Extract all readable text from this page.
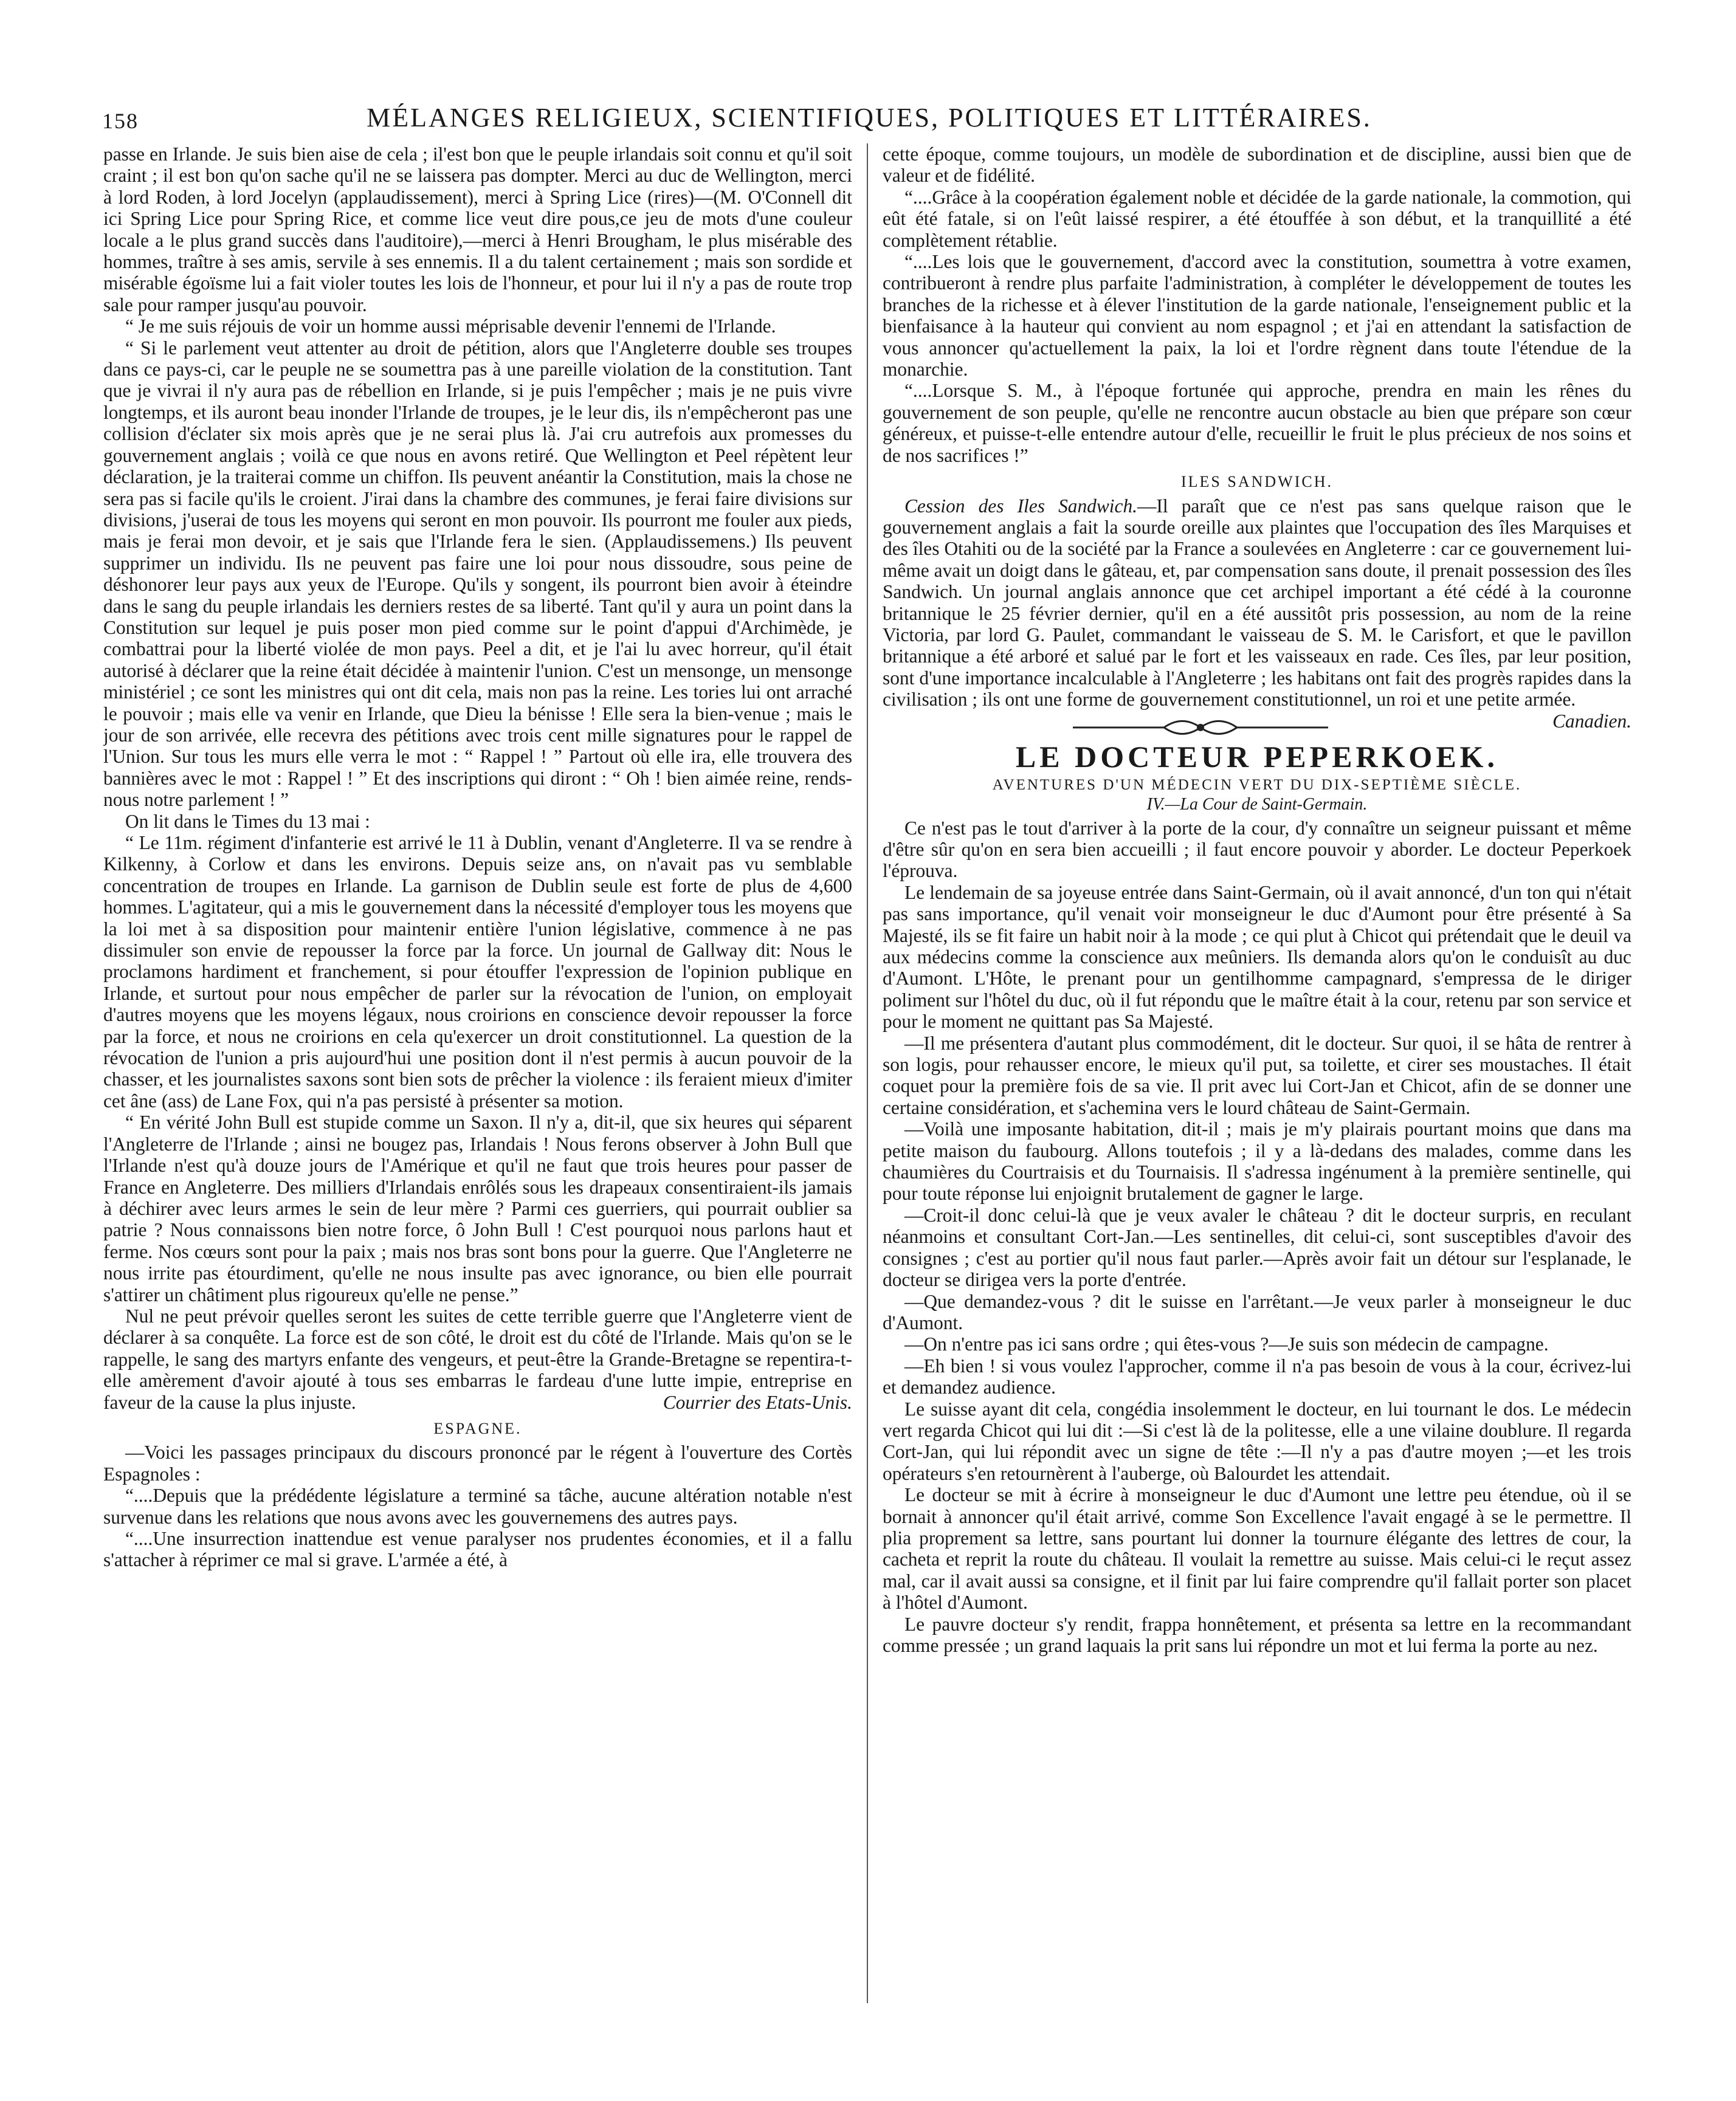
158	MÉLANGES RELIGIEUX, SCIENTIFIQUES, POLITIQUES ET LITTÉRAIRES.

passe en Irlande. Je suis bien aise de cela ; il'est bon que le peuple irlandais soit connu et qu'il soit craint ; il est bon qu'on sache qu'il ne se laissera pas dompter. Merci au duc de Wellington, merci à lord Roden, à lord Jocelyn (applaudissement), merci à Spring Lice (rires)—(M. O'Connell dit ici Spring Lice pour Spring Rice, et comme lice veut dire pous,ce jeu de mots d'une couleur locale a le plus grand succès dans l'auditoire),—merci à Henri Brougham, le plus misérable des hommes, traître à ses amis, servile à ses ennemis. Il a du talent certainement ; mais son sordide et misérable égoïsme lui a fait violer toutes les lois de l'honneur, et pour lui il n'y a pas de route trop sale pour ramper jusqu'au pouvoir.

“ Je me suis réjouis de voir un homme aussi méprisable devenir l'ennemi de l'Irlande.

“ Si le parlement veut attenter au droit de pétition, alors que l'Angleterre double ses troupes dans ce pays-ci, car le peuple ne se soumettra pas à une pareille violation de la constitution. Tant que je vivrai il n'y aura pas de rébellion en Irlande, si je puis l'empêcher ; mais je ne puis vivre longtemps, et ils auront beau inonder l'Irlande de troupes, je le leur dis, ils n'empêcheront pas une collision d'éclater six mois après que je ne serai plus là. J'ai cru autrefois aux promesses du gouvernement anglais ; voilà ce que nous en avons retiré. Que Wellington et Peel répètent leur déclaration, je la traiterai comme un chiffon. Ils peuvent anéantir la Constitution, mais la chose ne sera pas si facile qu'ils le croient. J'irai dans la chambre des communes, je ferai faire divisions sur divisions, j'userai de tous les moyens qui seront en mon pouvoir. Ils pourront me fouler aux pieds, mais je ferai mon devoir, et je sais que l'Irlande fera le sien. (Applaudissemens.) Ils peuvent supprimer un individu. Ils ne peuvent pas faire une loi pour nous dissoudre, sous peine de déshonorer leur pays aux yeux de l'Europe. Qu'ils y songent, ils pourront bien avoir à éteindre dans le sang du peuple irlandais les derniers restes de sa liberté. Tant qu'il y aura un point dans la Constitution sur lequel je puis poser mon pied comme sur le point d'appui d'Archimède, je combattrai pour la liberté violée de mon pays. Peel a dit, et je l'ai lu avec horreur, qu'il était autorisé à déclarer que la reine était décidée à maintenir l'union. C'est un mensonge, un mensonge ministériel ; ce sont les ministres qui ont dit cela, mais non pas la reine. Les tories lui ont arraché le pouvoir ; mais elle va venir en Irlande, que Dieu la bénisse ! Elle sera la bien-venue ; mais le jour de son arrivée, elle recevra des pétitions avec trois cent mille signatures pour le rappel de l'Union. Sur tous les murs elle verra le mot : “ Rappel ! ” Partout où elle ira, elle trouvera des bannières avec le mot : Rappel ! ” Et des inscriptions qui diront : “ Oh ! bien aimée reine, rends-nous notre parlement ! ”

On lit dans le Times du 13 mai :

“ Le 11m. régiment d'infanterie est arrivé le 11 à Dublin, venant d'Angleterre. Il va se rendre à Kilkenny, à Corlow et dans les environs. Depuis seize ans, on n'avait pas vu semblable concentration de troupes en Irlande. La garnison de Dublin seule est forte de plus de 4,600 hommes. L'agitateur, qui a mis le gouvernement dans la nécessité d'employer tous les moyens que la loi met à sa disposition pour maintenir entière l'union législative, commence à ne pas dissimuler son envie de repousser la force par la force. Un journal de Gallway dit: Nous le proclamons hardiment et franchement, si pour étouffer l'expression de l'opinion publique en Irlande, et surtout pour nous empêcher de parler sur la révocation de l'union, on employait d'autres moyens que les moyens légaux, nous croirions en conscience devoir repousser la force par la force, et nous ne croirions en cela qu'exercer un droit constitutionnel. La question de la révocation de l'union a pris aujourd'hui une position dont il n'est permis à aucun pouvoir de la chasser, et les journalistes saxons sont bien sots de prêcher la violence : ils feraient mieux d'imiter cet âne (ass) de Lane Fox, qui n'a pas persisté à présenter sa motion.

“ En vérité John Bull est stupide comme un Saxon. Il n'y a, dit-il, que six heures qui séparent l'Angleterre de l'Irlande ; ainsi ne bougez pas, Irlandais ! Nous ferons observer à John Bull que l'Irlande n'est qu'à douze jours de l'Amérique et qu'il ne faut que trois heures pour passer de France en Angleterre. Des milliers d'Irlandais enrôlés sous les drapeaux consentiraient-ils jamais à déchirer avec leurs armes le sein de leur mère ? Parmi ces guerriers, qui pourrait oublier sa patrie ? Nous connaissons bien notre force, ô John Bull ! C'est pourquoi nous parlons haut et ferme. Nos cœurs sont pour la paix ; mais nos bras sont bons pour la guerre. Que l'Angleterre ne nous irrite pas étourdiment, qu'elle ne nous insulte pas avec ignorance, ou bien elle pourrait s'attirer un châtiment plus rigoureux qu'elle ne pense.”

Nul ne peut prévoir quelles seront les suites de cette terrible guerre que l'Angleterre vient de déclarer à sa conquête. La force est de son côté, le droit est du côté de l'Irlande. Mais qu'on se le rappelle, le sang des martyrs enfante des vengeurs, et peut-être la Grande-Bretagne se repentira-t-elle amèrement d'avoir ajouté à tous ses embarras le fardeau d'une lutte impie, entreprise en faveur de la cause la plus injuste.	Courrier des Etats-Unis.

ESPAGNE.

—Voici les passages principaux du discours prononcé par le régent à l'ouverture des Cortès Espagnoles :

“....Depuis que la prédédente législature a terminé sa tâche, aucune altération notable n'est survenue dans les relations que nous avons avec les gouvernemens des autres pays.

“....Une insurrection inattendue est venue paralyser nos prudentes économies, et il a fallu s'attacher à réprimer ce mal si grave. L'armée a été, à

cette époque, comme toujours, un modèle de subordination et de discipline, aussi bien que de valeur et de fidélité.

“....Grâce à la coopération également noble et décidée de la garde nationale, la commotion, qui eût été fatale, si on l'eût laissé respirer, a été étouffée à son début, et la tranquillité a été complètement rétablie.

“....Les lois que le gouvernement, d'accord avec la constitution, soumettra à votre examen, contribueront à rendre plus parfaite l'administration, à compléter le développement de toutes les branches de la richesse et à élever l'institution de la garde nationale, l'enseignement public et la bienfaisance à la hauteur qui convient au nom espagnol ; et j'ai en attendant la satisfaction de vous annoncer qu'actuellement la paix, la loi et l'ordre règnent dans toute l'étendue de la monarchie.

“....Lorsque S. M., à l'époque fortunée qui approche, prendra en main les rênes du gouvernement de son peuple, qu'elle ne rencontre aucun obstacle au bien que prépare son cœur généreux, et puisse-t-elle entendre autour d'elle, recueillir le fruit le plus précieux de nos soins et de nos sacrifices !”

ILES SANDWICH.

Cession des Iles Sandwich.—Il paraît que ce n'est pas sans quelque raison que le gouvernement anglais a fait la sourde oreille aux plaintes que l'occupation des îles Marquises et des îles Otahiti ou de la société par la France a soulevées en Angleterre : car ce gouvernement lui-même avait un doigt dans le gâteau, et, par compensation sans doute, il prenait possession des îles Sandwich. Un journal anglais annonce que cet archipel important a été cédé à la couronne britannique le 25 février dernier, qu'il en a été aussitôt pris possession, au nom de la reine Victoria, par lord G. Paulet, commandant le vaisseau de S. M. le Carisfort, et que le pavillon britannique a été arboré et salué par le fort et les vaisseaux en rade. Ces îles, par leur position, sont d'une importance incalculable à l'Angleterre ; les habitans ont fait des progrès rapides dans la civilisation ; ils ont une forme de gouvernement constitutionnel, un roi et une petite armée.
Canadien.

LE DOCTEUR PEPERKOEK.
AVENTURES D'UN MÉDECIN VERT DU DIX-SEPTIÈME SIÈCLE.
IV.—La Cour de Saint-Germain.

Ce n'est pas le tout d'arriver à la porte de la cour, d'y connaître un seigneur puissant et même d'être sûr qu'on en sera bien accueilli ; il faut encore pouvoir y aborder. Le docteur Peperkoek l'éprouva.

Le lendemain de sa joyeuse entrée dans Saint-Germain, où il avait annoncé, d'un ton qui n'était pas sans importance, qu'il venait voir monseigneur le duc d'Aumont pour être présenté à Sa Majesté, ils se fit faire un habit noir à la mode ; ce qui plut à Chicot qui prétendait que le deuil va aux médecins comme la conscience aux meûniers. Ils demanda alors qu'on le conduisît au duc d'Aumont. L'Hôte, le prenant pour un gentilhomme campagnard, s'empressa de le diriger poliment sur l'hôtel du duc, où il fut répondu que le maître était à la cour, retenu par son service et pour le moment ne quittant pas Sa Majesté.

—Il me présentera d'autant plus commodément, dit le docteur. Sur quoi, il se hâta de rentrer à son logis, pour rehausser encore, le mieux qu'il put, sa toilette, et cirer ses moustaches. Il était coquet pour la première fois de sa vie. Il prit avec lui Cort-Jan et Chicot, afin de se donner une certaine considération, et s'achemina vers le lourd château de Saint-Germain.

—Voilà une imposante habitation, dit-il ; mais je m'y plairais pourtant moins que dans ma petite maison du faubourg. Allons toutefois ; il y a là-dedans des malades, comme dans les chaumières du Courtraisis et du Tournaisis. Il s'adressa ingénument à la première sentinelle, qui pour toute réponse lui enjoignit brutalement de gagner le large.

—Croit-il donc celui-là que je veux avaler le château ? dit le docteur surpris, en reculant néanmoins et consultant Cort-Jan.—Les sentinelles, dit celui-ci, sont susceptibles d'avoir des consignes ; c'est au portier qu'il nous faut parler.—Après avoir fait un détour sur l'esplanade, le docteur se dirigea vers la porte d'entrée.

—Que demandez-vous ? dit le suisse en l'arrêtant.—Je veux parler à monseigneur le duc d'Aumont.

—On n'entre pas ici sans ordre ; qui êtes-vous ?—Je suis son médecin de campagne.

—Eh bien ! si vous voulez l'approcher, comme il n'a pas besoin de vous à la cour, écrivez-lui et demandez audience.

Le suisse ayant dit cela, congédia insolemment le docteur, en lui tournant le dos. Le médecin vert regarda Chicot qui lui dit :—Si c'est là de la politesse, elle a une vilaine doublure. Il regarda Cort-Jan, qui lui répondit avec un signe de tête :—Il n'y a pas d'autre moyen ;—et les trois opérateurs s'en retournèrent à l'auberge, où Balourdet les attendait.

Le docteur se mit à écrire à monseigneur le duc d'Aumont une lettre peu étendue, où il se bornait à annoncer qu'il était arrivé, comme Son Excellence l'avait engagé à se le permettre. Il plia proprement sa lettre, sans pourtant lui donner la tournure élégante des lettres de cour, la cacheta et reprit la route du château. Il voulait la remettre au suisse. Mais celui-ci le reçut assez mal, car il avait aussi sa consigne, et il finit par lui faire comprendre qu'il fallait porter son placet à l'hôtel d'Aumont.

Le pauvre docteur s'y rendit, frappa honnêtement, et présenta sa lettre en la recommandant comme pressée ; un grand laquais la prit sans lui répondre un mot et lui ferma la porte au nez.
